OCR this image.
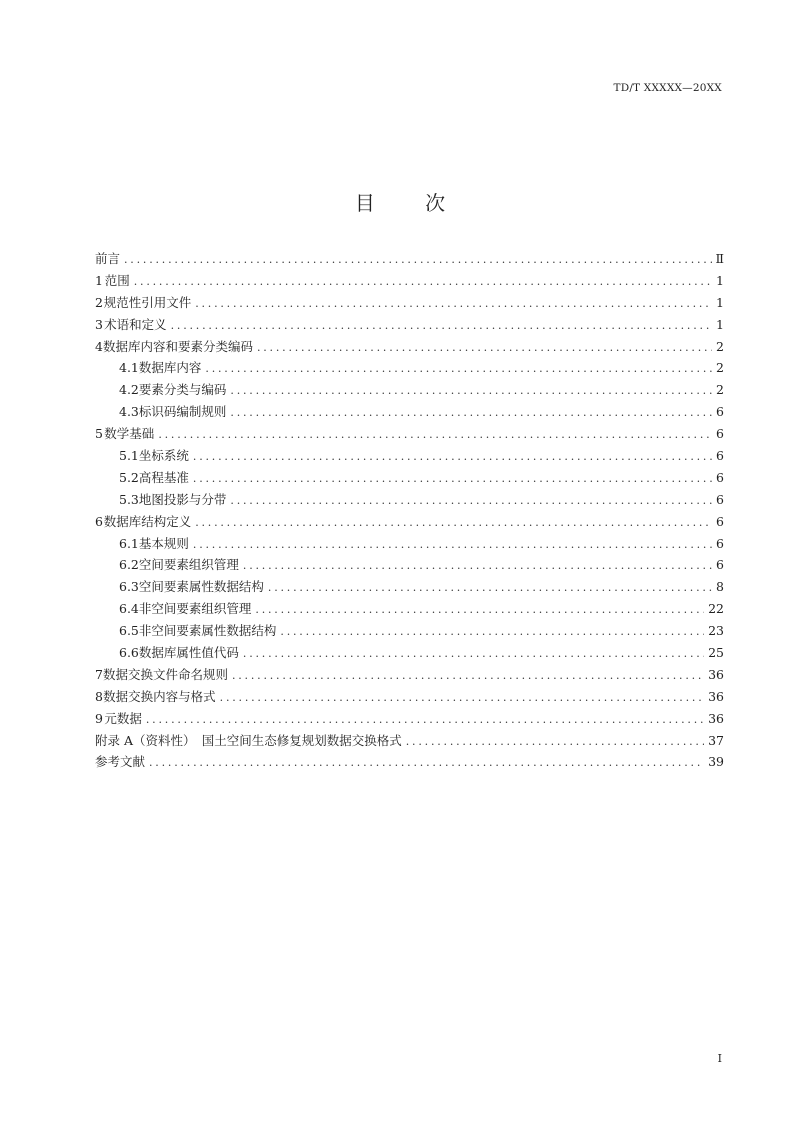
TD/T XXXXX—20XX
目 次
前言 .....	Ⅱ
1 范围 .....	1
2 规范性引用文件 .....	1
3 术语和定义 .....	1
4 数据库内容和要素分类编码 .....	2
4.1 数据库内容 .....	2
4.2 要素分类与编码 .....	2
4.3 标识码编制规则 .....	6
5 数学基础 .....	6
5.1 坐标系统 .....	6
5.2 高程基准 .....	6
5.3 地图投影与分带 .....	6
6 数据库结构定义 .....	6
6.1 基本规则 .....	6
6.2 空间要素组织管理 .....	6
6.3 空间要素属性数据结构 .....	8
6.4 非空间要素组织管理 .....	22
6.5 非空间要素属性数据结构 .....	23
6.6 数据库属性值代码 .....	25
7 数据交换文件命名规则 .....	36
8 数据交换内容与格式 .....	36
9 元数据 .....	36
附录 A（资料性）　国土空间生态修复规划数据交换格式 .....	37
参考文献 .....	39
I
